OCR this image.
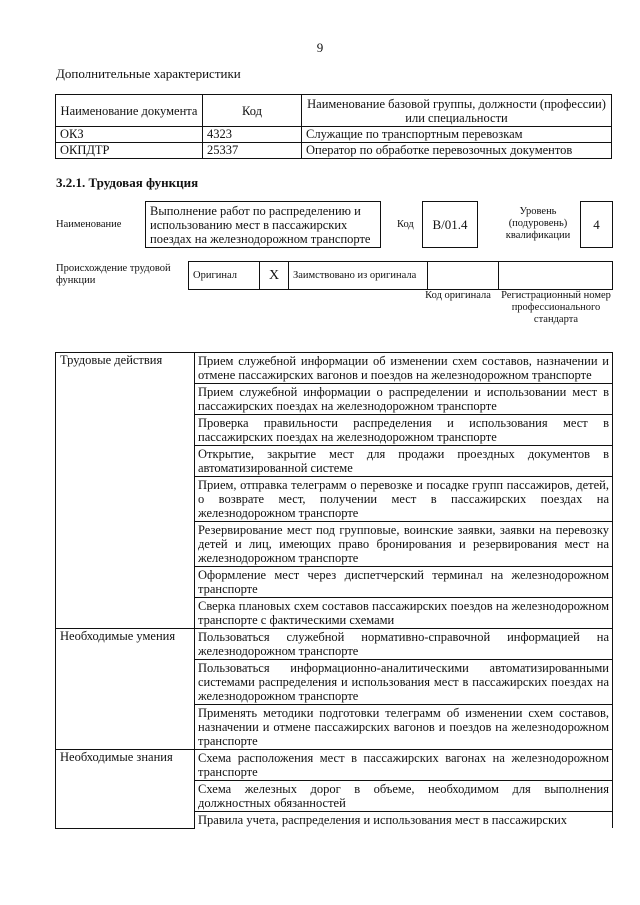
9
Дополнительные характеристики
Наименование документа	Код	Наименование базовой группы, должности (профессии) или специальности
ОКЗ	4323	Служащие по транспортным перевозкам
ОКПДТР	25337	Оператор по обработке перевозочных документов
3.2.1. Трудовая функция
Наименование
Выполнение работ по распределению и использованию мест в пассажирских поездах на железнодорожном транспорте
Код	B/01.4
Уровень (подуровень) квалификации
4
Происхождение трудовой функции	Оригинал	X	Заимствовано из оригинала		
Код оригинала Регистрационный номер профессионального стандарта
Трудовые действия	Прием служебной информации об изменении схем составов, назначении и отмене пассажирских вагонов и поездов на железнодорожном транспорте
	Прием служебной информации о распределении и использовании мест в пассажирских поездах на железнодорожном транспорте
	Проверка правильности распределения и использования мест в пассажирских поездах на железнодорожном транспорте
	Открытие, закрытие мест для продажи проездных документов в автоматизированной системе
	Прием, отправка телеграмм о перевозке и посадке групп пассажиров, детей, о возврате мест, получении мест в пассажирских поездах на железнодорожном транспорте
	Резервирование мест под групповые, воинские заявки, заявки на перевозку детей и лиц, имеющих право бронирования и резервирования мест на железнодорожном транспорте
	Оформление мест через диспетчерский терминал на железнодорожном транспорте
	Сверка плановых схем составов пассажирских поездов на железнодорожном транспорте с фактическими схемами
Необходимые умения	Пользоваться служебной нормативно-справочной информацией на железнодорожном транспорте
	Пользоваться информационно-аналитическими автоматизированными системами распределения и использования мест в пассажирских поездах на железнодорожном транспорте
	Применять методики подготовки телеграмм об изменении схем составов, назначении и отмене пассажирских вагонов и поездов на железнодорожном транспорте
Необходимые знания	Схема расположения мест в пассажирских вагонах на железнодорожном транспорте
	Схема железных дорог в объеме, необходимом для выполнения должностных обязанностей
	Правила учета, распределения и использования мест в пассажирских
